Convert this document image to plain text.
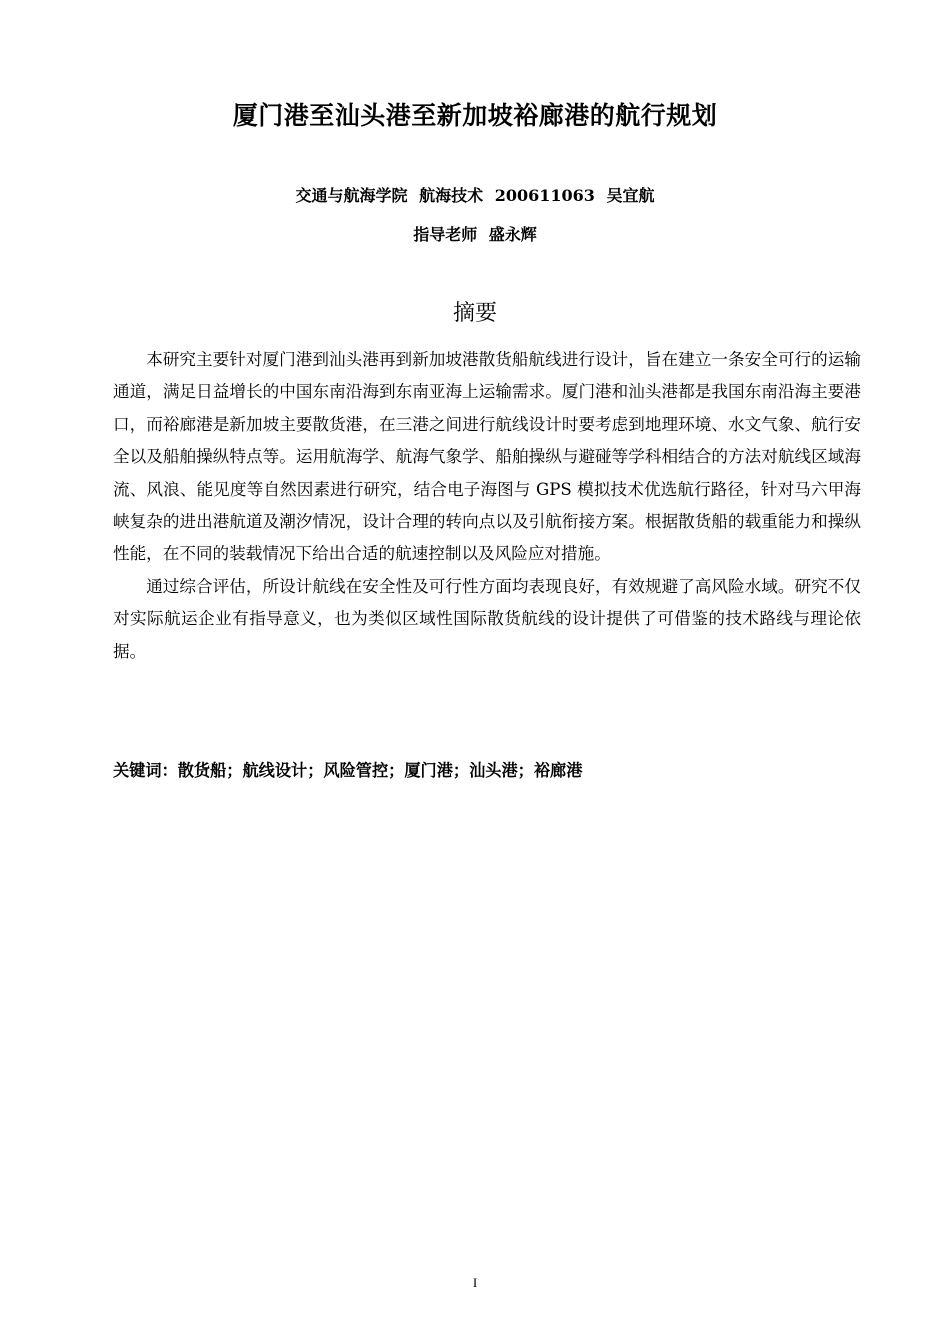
厦门港至汕头港至新加坡裕廊港的航行规划
交通与航海学院 航海技术 200611063 吴宜航
指导老师 盛永辉
摘要

本研究主要针对厦门港到汕头港再到新加坡港散货船航线进行设计，旨在建立一条安全可行的运输通道，满足日益增长的中国东南沿海到东南亚海上运输需求。厦门港和汕头港都是我国东南沿海主要港口，而裕廊港是新加坡主要散货港，在三港之间进行航线设计时要考虑到地理环境、水文气象、航行安全以及船舶操纵特点等。运用航海学、航海气象学、船舶操纵与避碰等学科相结合的方法对航线区域海流、风浪、能见度等自然因素进行研究，结合电子海图与 GPS 模拟技术优选航行路径，针对马六甲海峡复杂的进出港航道及潮汐情况，设计合理的转向点以及引航衔接方案。根据散货船的载重能力和操纵性能，在不同的装载情况下给出合适的航速控制以及风险应对措施。

通过综合评估，所设计航线在安全性及可行性方面均表现良好，有效规避了高风险水域。研究不仅对实际航运企业有指导意义，也为类似区域性国际散货航线的设计提供了可借鉴的技术路线与理论依据。

关键词：散货船；航线设计；风险管控；厦门港；汕头港；裕廊港
I
